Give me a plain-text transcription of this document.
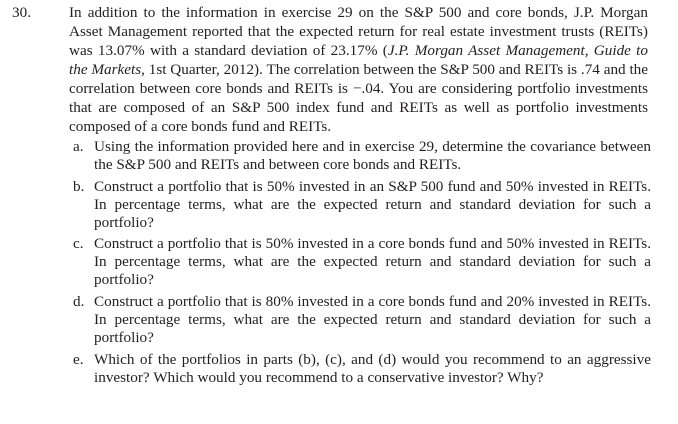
30.	In addition to the information in exercise 29 on the S&P 500 and core bonds, J.P. Morgan Asset Management reported that the expected return for real estate investment trusts (REITs) was 13.07% with a standard deviation of 23.17% (J.P. Morgan Asset Management, Guide to the Markets, 1st Quarter, 2012). The correlation between the S&P 500 and REITs is .74 and the correlation between core bonds and REITs is −.04. You are considering portfolio investments that are composed of an S&P 500 index fund and REITs as well as portfolio investments composed of a core bonds fund and REITs.

a. Using the information provided here and in exercise 29, determine the covariance between the S&P 500 and REITs and between core bonds and REITs.
b. Construct a portfolio that is 50% invested in an S&P 500 fund and 50% invested in REITs. In percentage terms, what are the expected return and standard deviation for such a portfolio?
c. Construct a portfolio that is 50% invested in a core bonds fund and 50% invested in REITs. In percentage terms, what are the expected return and standard deviation for such a portfolio?
d. Construct a portfolio that is 80% invested in a core bonds fund and 20% invested in REITs. In percentage terms, what are the expected return and standard deviation for such a portfolio?
e. Which of the portfolios in parts (b), (c), and (d) would you recommend to an aggressive investor? Which would you recommend to a conservative investor? Why?
